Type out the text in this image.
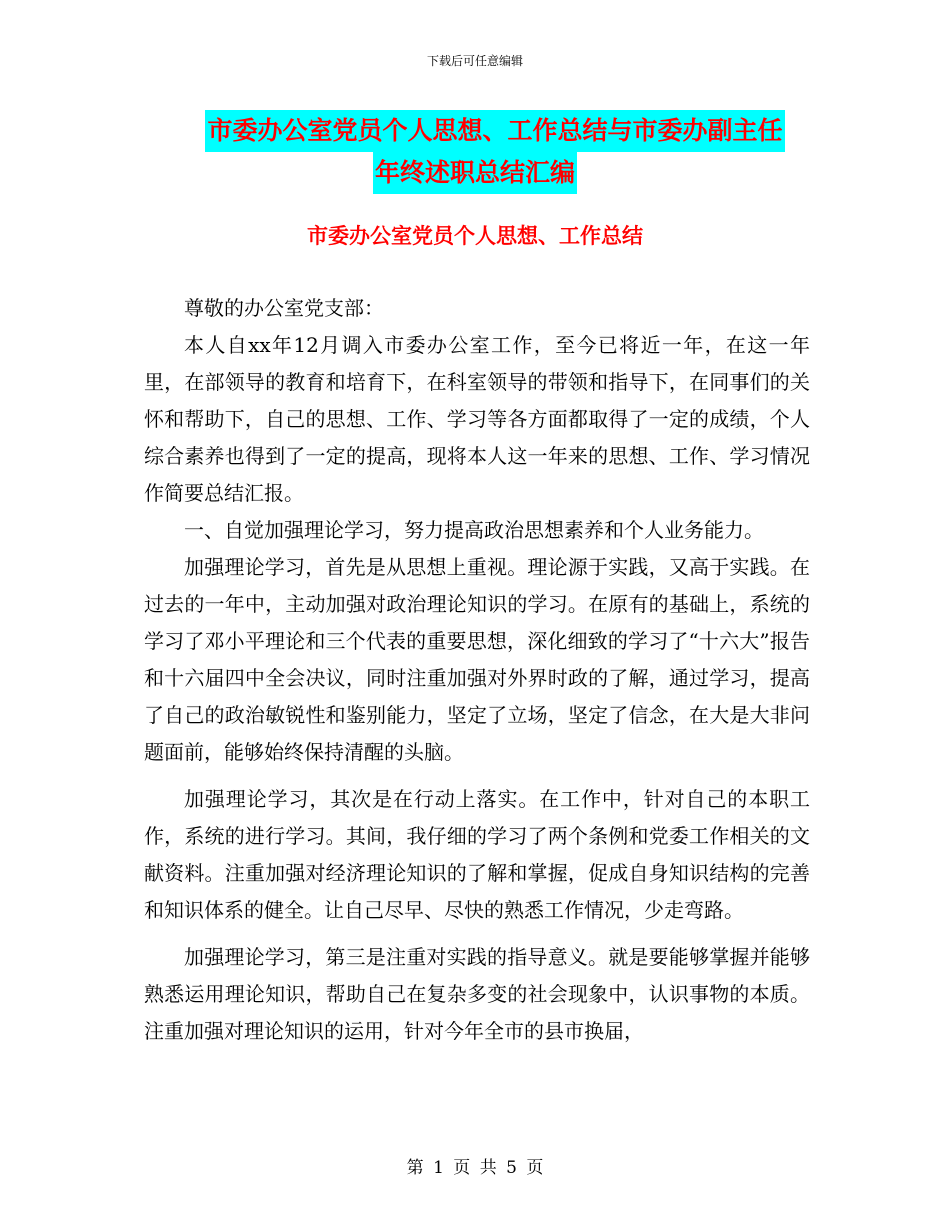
下载后可任意编辑
市委办公室党员个人思想、工作总结与市委办副主任
年终述职总结汇编
市委办公室党员个人思想、工作总结

尊敬的办公室党支部：

本人自xx年12月调入市委办公室工作，至今已将近一年，在这一年里，在部领导的教育和培育下，在科室领导的带领和指导下，在同事们的关怀和帮助下，自己的思想、工作、学习等各方面都取得了一定的成绩，个人综合素养也得到了一定的提高，现将本人这一年来的思想、工作、学习情况作简要总结汇报。

一、自觉加强理论学习，努力提高政治思想素养和个人业务能力。

加强理论学习，首先是从思想上重视。理论源于实践，又高于实践。在过去的一年中，主动加强对政治理论知识的学习。在原有的基础上，系统的学习了邓小平理论和三个代表的重要思想，深化细致的学习了“十六大”报告和十六届四中全会决议，同时注重加强对外界时政的了解，通过学习，提高了自己的政治敏锐性和鉴别能力，坚定了立场，坚定了信念，在大是大非问题面前，能够始终保持清醒的头脑。

加强理论学习，其次是在行动上落实。在工作中，针对自己的本职工作，系统的进行学习。其间，我仔细的学习了两个条例和党委工作相关的文献资料。注重加强对经济理论知识的了解和掌握，促成自身知识结构的完善和知识体系的健全。让自己尽早、尽快的熟悉工作情况，少走弯路。

加强理论学习，第三是注重对实践的指导意义。就是要能够掌握并能够熟悉运用理论知识，帮助自己在复杂多变的社会现象中，认识事物的本质。注重加强对理论知识的运用，针对今年全市的县市换届，

第 1 页 共 5 页
